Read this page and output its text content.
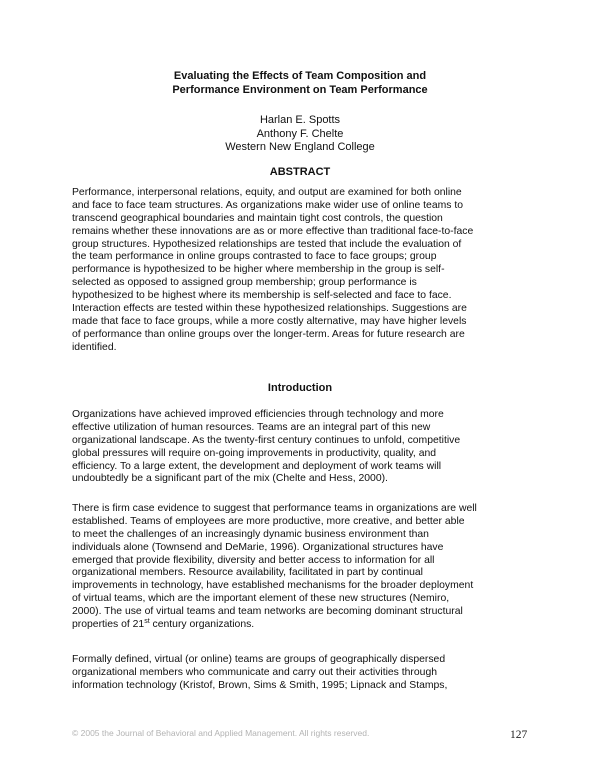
Evaluating the Effects of Team Composition and
Performance Environment on Team Performance
Harlan E. Spotts
Anthony F. Chelte
Western New England College
ABSTRACT
Performance, interpersonal relations, equity, and output are examined for both online
and face to face team structures. As organizations make wider use of online teams to
transcend geographical boundaries and maintain tight cost controls, the question
remains whether these innovations are as or more effective than traditional face-to-face
group structures. Hypothesized relationships are tested that include the evaluation of
the team performance in online groups contrasted to face to face groups; group
performance is hypothesized to be higher where membership in the group is self-
selected as opposed to assigned group membership; group performance is
hypothesized to be highest where its membership is self-selected and face to face.
Interaction effects are tested within these hypothesized relationships. Suggestions are
made that face to face groups, while a more costly alternative, may have higher levels
of performance than online groups over the longer-term. Areas for future research are
identified.
Introduction
Organizations have achieved improved efficiencies through technology and more
effective utilization of human resources. Teams are an integral part of this new
organizational landscape. As the twenty-first century continues to unfold, competitive
global pressures will require on-going improvements in productivity, quality, and
efficiency. To a large extent, the development and deployment of work teams will
undoubtedly be a significant part of the mix (Chelte and Hess, 2000).
There is firm case evidence to suggest that performance teams in organizations are well
established. Teams of employees are more productive, more creative, and better able
to meet the challenges of an increasingly dynamic business environment than
individuals alone (Townsend and DeMarie, 1996). Organizational structures have
emerged that provide flexibility, diversity and better access to information for all
organizational members. Resource availability, facilitated in part by continual
improvements in technology, have established mechanisms for the broader deployment
of virtual teams, which are the important element of these new structures (Nemiro,
2000). The use of virtual teams and team networks are becoming dominant structural
properties of 21st century organizations.
Formally defined, virtual (or online) teams are groups of geographically dispersed
organizational members who communicate and carry out their activities through
information technology (Kristof, Brown, Sims & Smith, 1995; Lipnack and Stamps,
© 2005 the Journal of Behavioral and Applied Management. All rights reserved.	127
